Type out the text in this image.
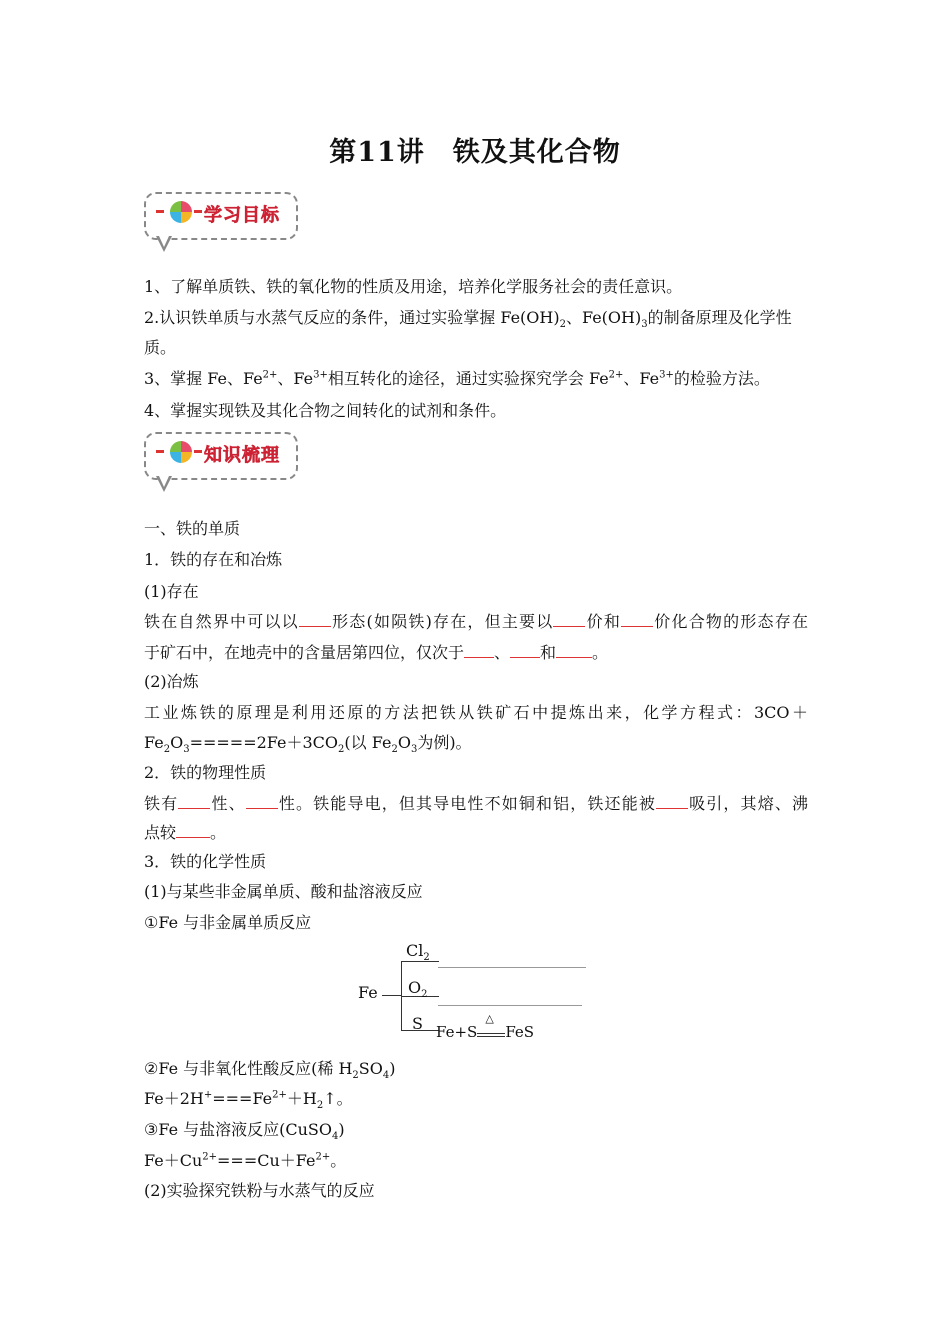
第11讲　铁及其化合物
学习目标
1、了解单质铁、铁的氧化物的性质及用途，培养化学服务社会的责任意识。
2.认识铁单质与水蒸气反应的条件，通过实验掌握 $Fe(OH)_2$、$Fe(OH)_3$的制备原理及化学性
质。
3、掌握 Fe、$Fe^{2+}$、$Fe^{3+}$相互转化的途径，通过实验探究学会 $Fe^{2+}$、$Fe^{3+}$的检验方法。
4、掌握实现铁及其化合物之间转化的试剂和条件。
知识梳理
一、铁的单质
1．铁的存在和冶炼
(1)存在
铁在自然界中可以以 形态(如陨铁)存在，但主要以 价和 价化合物的形态存在
于矿石中，在地壳中的含量居第四位，仅次于 、 和 。
(2)冶炼
工业炼铁的原理是利用还原的方法把铁从铁矿石中提炼出来，化学方程式：3CO＋
$Fe_2O_3=====2Fe+3CO_2$(以 $Fe_2O_3$为例)。
2．铁的物理性质
铁有 性、 性。铁能导电，但其导电性不如铜和铝，铁还能被 吸引，其熔、沸
点较 。
3．铁的化学性质
(1)与某些非金属单质、酸和盐溶液反应
①Fe 与非金属单质反应
Fe
$Cl_2$
$O_2$
S Fe+S
△
FeS
②Fe 与非氧化性酸反应(稀 $H_2SO_4$)
$Fe+2H^+===Fe^{2+}+H_2↑$。
③Fe 与盐溶液反应(CuSO$_4$)
$Fe+Cu^{2+}===Cu+Fe^{2+}$。
(2)实验探究铁粉与水蒸气的反应
